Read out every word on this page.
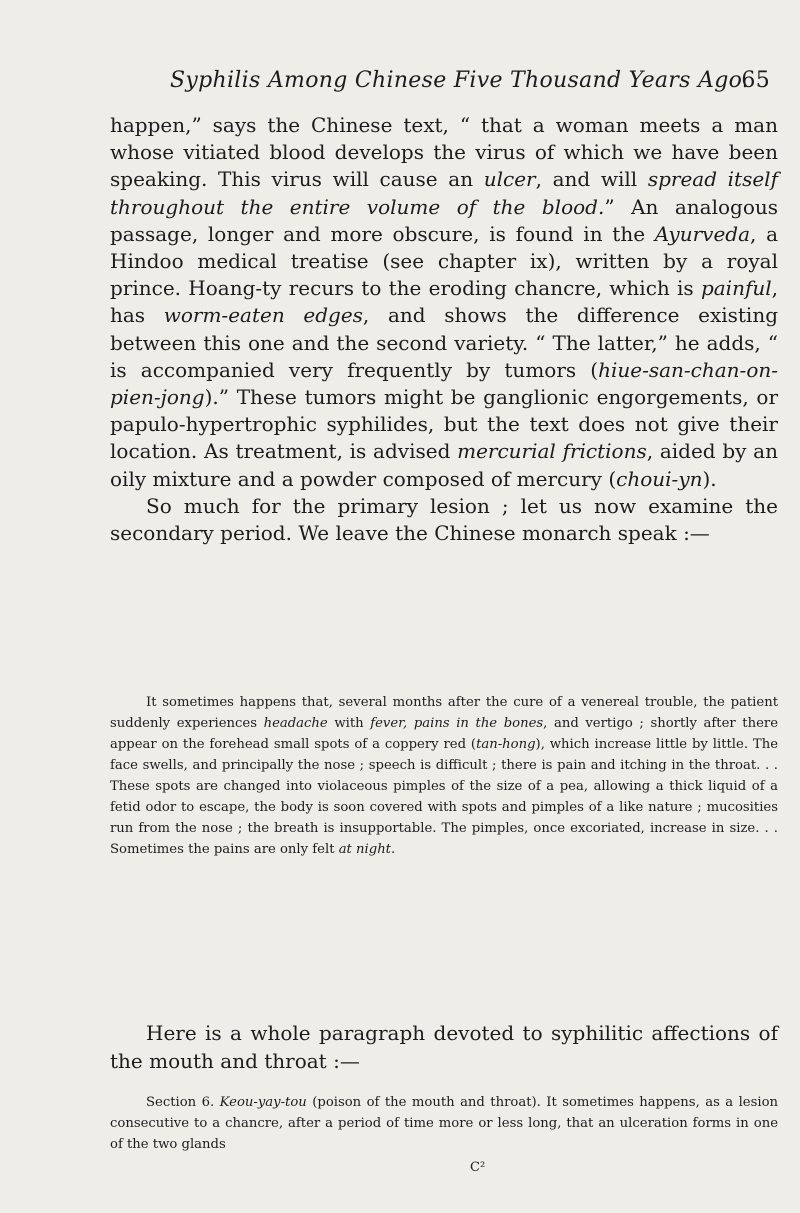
Syphilis Among Chinese Five Thousand Years Ago.
65

happen,” says the Chinese text, “ that a woman meets a man whose vitiated blood develops the virus of which we have been speaking. This virus will cause an ulcer, and will spread itself throughout the entire volume of the blood.” An analogous passage, longer and more obscure, is found in the Ayurveda, a Hindoo medical treatise (see chapter ix), written by a royal prince. Hoang-ty recurs to the eroding chancre, which is painful, has worm-eaten edges, and shows the difference existing between this one and the second variety. “ The latter,” he adds, “ is accompanied very frequently by tumors (hiue-san-chan-on-pien-jong).” These tumors might be ganglionic engorgements, or papulo-hypertrophic syphilides, but the text does not give their location. As treatment, is advised mercurial frictions, aided by an oily mixture and a powder composed of mercury (choui-yn).

So much for the primary lesion ; let us now examine the secondary period. We leave the Chinese monarch speak :—

It sometimes happens that, several months after the cure of a venereal trouble, the patient suddenly experiences headache with fever, pains in the bones, and vertigo ; shortly after there appear on the forehead small spots of a coppery red (tan-hong), which increase little by little. The face swells, and principally the nose ; speech is difficult ; there is pain and itching in the throat. . . These spots are changed into violaceous pimples of the size of a pea, allowing a thick liquid of a fetid odor to escape, the body is soon covered with spots and pimples of a like nature ; mucosities run from the nose ; the breath is insupportable. The pimples, once excoriated, increase in size. . . Sometimes the pains are only felt at night.

Here is a whole paragraph devoted to syphilitic affections of the mouth and throat :—

Section 6. Keou-yay-tou (poison of the mouth and throat). It sometimes happens, as a lesion consecutive to a chancre, after a period of time more or less long, that an ulceration forms in one of the two glands

C²
